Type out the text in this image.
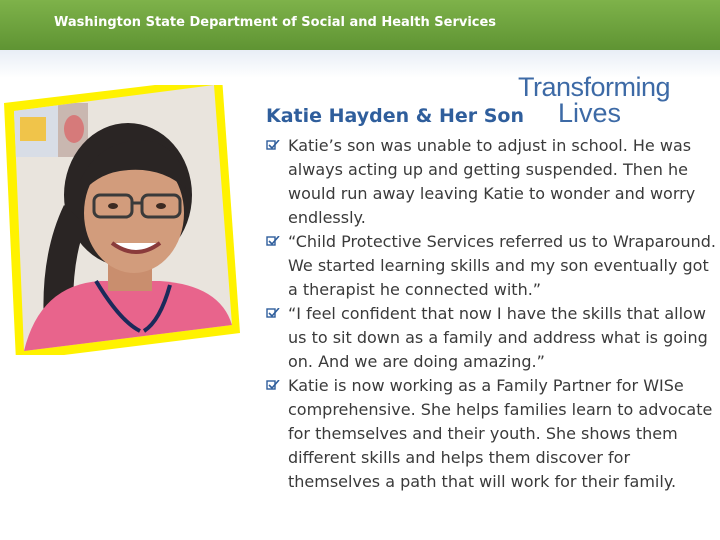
Washington State Department of Social and Health Services
Transforming
Lives
Katie Hayden & Her Son
Katie’s son was unable to adjust in school. He was always acting up and getting suspended. Then he would run away leaving Katie to wonder and worry endlessly.
“Child Protective Services referred us to Wraparound. We started learning skills and my son eventually got a therapist he connected with.”
“I feel confident that now I have the skills that allow us to sit down as a family and address what is going on. And we are doing amazing.”
Katie is now working as a Family Partner for WISe comprehensive. She helps families learn to advocate for themselves and their youth. She shows them different skills and helps them discover for themselves a path that will work for their family.
